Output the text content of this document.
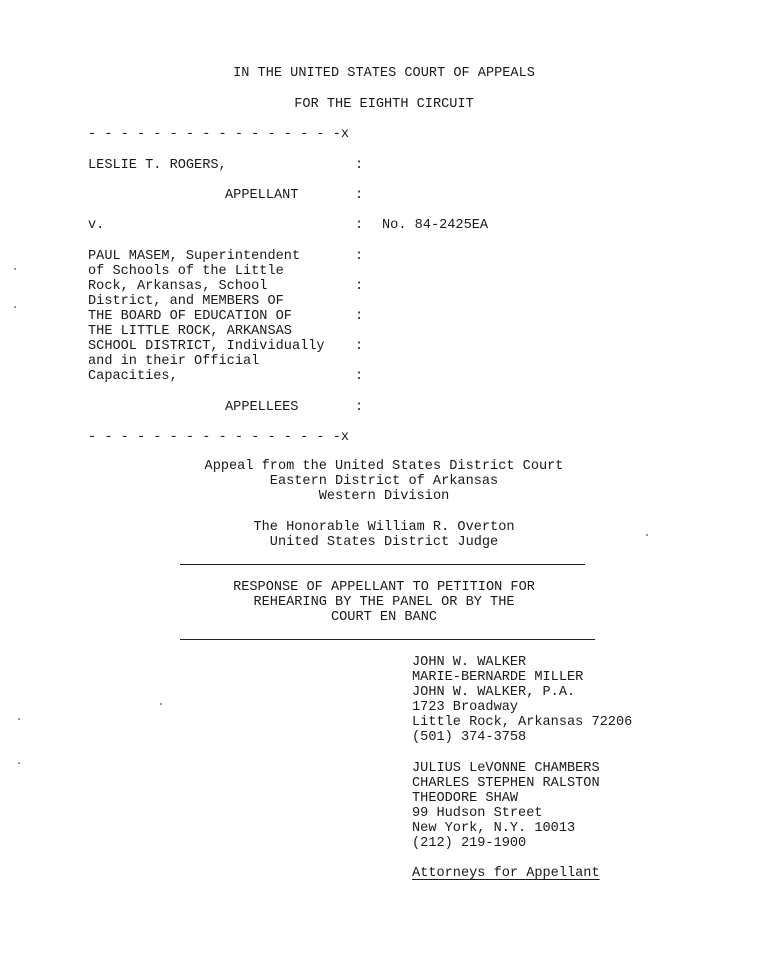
IN THE UNITED STATES COURT OF APPEALS
FOR THE EIGHTH CIRCUIT
- - - - - - - - - - - - - - - -x
LESLIE T. ROGERS,	:
APPELLANT	:
v.	: No. 84-2425EA
PAUL MASEM, Superintendent	:
of Schools of the Little
Rock, Arkansas, School	:
District, and MEMBERS OF
THE BOARD OF EDUCATION OF	:
THE LITTLE ROCK, ARKANSAS
SCHOOL DISTRICT, Individually :
and in their Official
Capacities,	:
APPELLEES	:
- - - - - - - - - - - - - - - -x
Appeal from the United States District Court
Eastern District of Arkansas
Western Division
The Honorable William R. Overton
United States District Judge
RESPONSE OF APPELLANT TO PETITION FOR
REHEARING BY THE PANEL OR BY THE
COURT EN BANC
JOHN W. WALKER
MARIE-BERNARDE MILLER
JOHN W. WALKER, P.A.
1723 Broadway
Little Rock, Arkansas 72206
(501) 374-3758
JULIUS LeVONNE CHAMBERS
CHARLES STEPHEN RALSTON
THEODORE SHAW
99 Hudson Street
New York, N.Y. 10013
(212) 219-1900
Attorneys for Appellant
